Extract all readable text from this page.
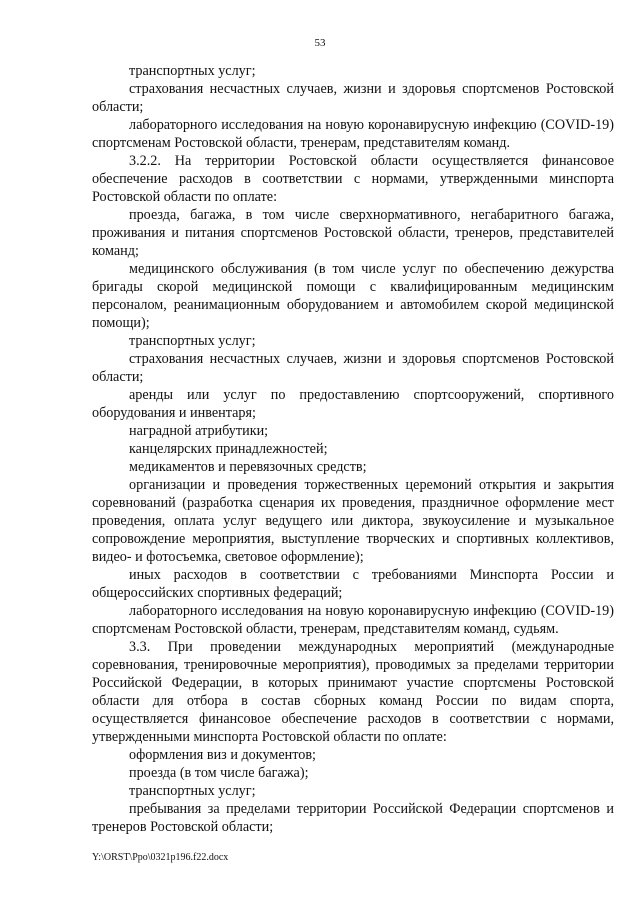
53

транспортных услуг;

страхования несчастных случаев, жизни и здоровья спортсменов Ростовской области;

лабораторного исследования на новую коронавирусную инфекцию (COVID-19) спортсменам Ростовской области, тренерам, представителям команд.

3.2.2. На территории Ростовской области осуществляется финансовое обеспечение расходов в соответствии с нормами, утвержденными минспорта Ростовской области по оплате:

проезда, багажа, в том числе сверхнормативного, негабаритного багажа, проживания и питания спортсменов Ростовской области, тренеров, представителей команд;

медицинского обслуживания (в том числе услуг по обеспечению дежурства бригады скорой медицинской помощи с квалифицированным медицинским персоналом, реанимационным оборудованием и автомобилем скорой медицинской помощи);

транспортных услуг;

страхования несчастных случаев, жизни и здоровья спортсменов Ростовской области;

аренды или услуг по предоставлению спортсооружений, спортивного оборудования и инвентаря;

наградной атрибутики;

канцелярских принадлежностей;

медикаментов и перевязочных средств;

организации и проведения торжественных церемоний открытия и закрытия соревнований (разработка сценария их проведения, праздничное оформление мест проведения, оплата услуг ведущего или диктора, звукоусиление и музыкальное сопровождение мероприятия, выступление творческих и спортивных коллективов, видео- и фотосъемка, световое оформление);

иных расходов в соответствии с требованиями Минспорта России и общероссийских спортивных федераций;

лабораторного исследования на новую коронавирусную инфекцию (COVID-19) спортсменам Ростовской области, тренерам, представителям команд, судьям.

3.3. При проведении международных мероприятий (международные соревнования, тренировочные мероприятия), проводимых за пределами территории Российской Федерации, в которых принимают участие спортсмены Ростовской области для отбора в состав сборных команд России по видам спорта, осуществляется финансовое обеспечение расходов в соответствии с нормами, утвержденными минспорта Ростовской области по оплате:

оформления виз и документов;

проезда (в том числе багажа);

транспортных услуг;

пребывания за пределами территории Российской Федерации спортсменов и тренеров Ростовской области;

Y:\ORST\Ppo\0321p196.f22.docx
